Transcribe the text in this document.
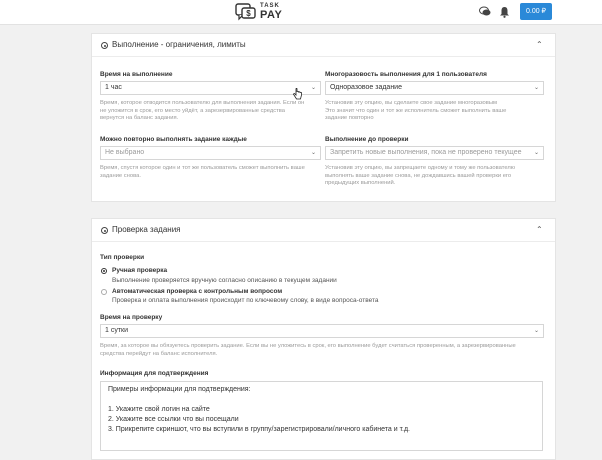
$
TASK
PAY	0.00 ₽
Выполнение - ограничения, лимиты	⌃
Время на выполнение
1 час	⌄
Время, которое отводится пользователю для выполнения задания. Если он
не уложится в срок, его место уйдёт, а зарезервированные средства
вернутся на баланс задания.
Многоразовость выполнения для 1 пользователя
Одноразовое задание	⌄
Установив эту опцию, вы сделаете свое задание многоразовым
Это значит что один и тот же исполнитель сможет выполнить ваше
задание повторно
Можно повторно выполнять задание каждые
Не выбрано	⌄
Время, спустя которое один и тот же пользователь сможет выполнить ваше
задание снова.
Выполнение до проверки
Запретить новые выполнения, пока не проверено текущее ⌄
Установив эту опцию, вы запрещаете одному и тому же пользователю
выполнять ваше задание снова, не дождавшись вашей проверки его
предыдущих выполнений.
Проверка задания	⌃
Тип проверки
Ручная проверка
Выполнение проверяется вручную согласно описанию в текущем задании
Автоматическая проверка с контрольным вопросом
Проверка и оплата выполнения происходит по ключевому слову, в виде вопроса-ответа
Время на проверку
1 сутки	⌄
Время, за которое вы обязуетесь проверить задание. Если вы не уложитесь в срок, его выполнение будет считаться проверенным, а зарезервированные
средства перейдут на баланс исполнителя.
Информация для подтверждения
Примеры информации для подтверждения:
1. Укажите свой логин на сайте
2. Укажите все ссылки что вы посещали
3. Прикрепите скриншот, что вы вступили в группу/зарегистрировали/личного кабинета и т.д.
